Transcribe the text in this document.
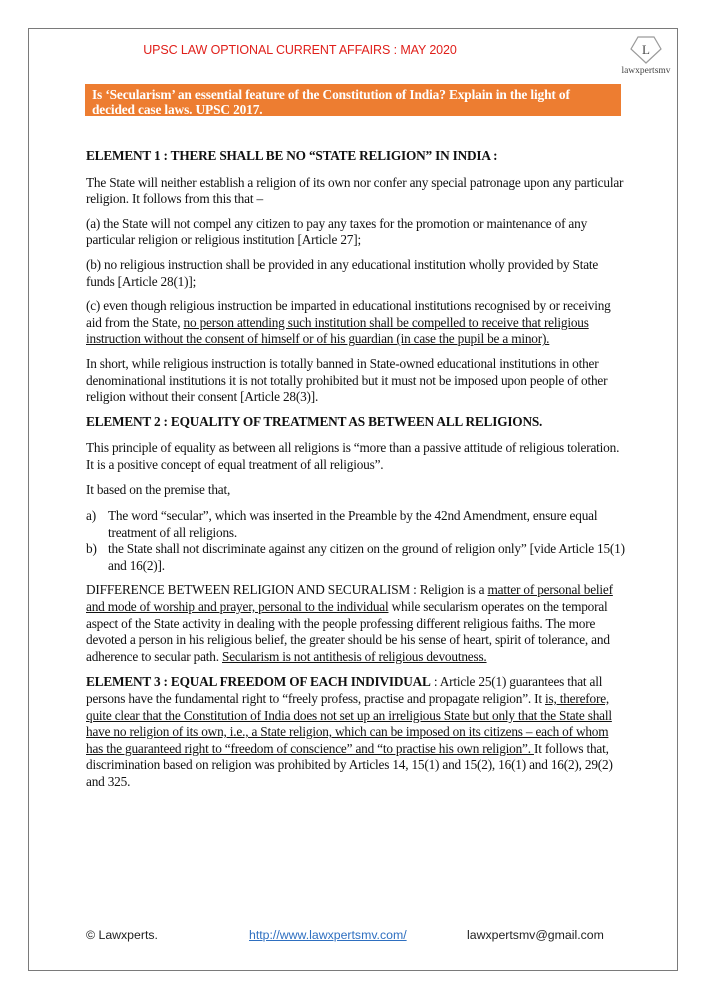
UPSC LAW OPTIONAL CURRENT AFFAIRS : MAY 2020	L
lawxpertsmv
Is ‘Secularism’ an essential feature of the Constitution of India? Explain in the light of decided case laws. UPSC 2017.
ELEMENT 1 : THERE SHALL BE NO “STATE RELIGION” IN INDIA :

The State will neither establish a religion of its own nor confer any special patronage upon any particular religion. It follows from this that –

(a) the State will not compel any citizen to pay any taxes for the promotion or maintenance of any particular religion or religious institution [Article 27];

(b) no religious instruction shall be provided in any educational institution wholly provided by State funds [Article 28(1)];

(c) even though religious instruction be imparted in educational institutions recognised by or receiving aid from the State, no person attending such institution shall be compelled to receive that religious instruction without the consent of himself or of his guardian (in case the pupil be a minor).

In short, while religious instruction is totally banned in State-owned educational institutions in other denominational institutions it is not totally prohibited but it must not be imposed upon people of other religion without their consent [Article 28(3)].

ELEMENT 2 : EQUALITY OF TREATMENT AS BETWEEN ALL RELIGIONS.

This principle of equality as between all religions is “more than a passive attitude of religious toleration. It is a positive concept of equal treatment of all religious”.

It based on the premise that,

a) The word “secular”, which was inserted in the Preamble by the 42nd Amendment, ensure equal treatment of all religions.
b) the State shall not discriminate against any citizen on the ground of religion only” [vide Article 15(1) and 16(2)].

DIFFERENCE BETWEEN RELIGION AND SECURALISM : Religion is a matter of personal belief and mode of worship and prayer, personal to the individual while secularism operates on the temporal aspect of the State activity in dealing with the people professing different religious faiths. The more devoted a person in his religious belief, the greater should be his sense of heart, spirit of tolerance, and adherence to secular path. Secularism is not antithesis of religious devoutness.

ELEMENT 3 : EQUAL FREEDOM OF EACH INDIVIDUAL : Article 25(1) guarantees that all persons have the fundamental right to “freely profess, practise and propagate religion”. It is, therefore, quite clear that the Constitution of India does not set up an irreligious State but only that the State shall have no religion of its own, i.e., a State religion, which can be imposed on its citizens – each of whom has the guaranteed right to “freedom of conscience” and “to practise his own religion”. It follows that, discrimination based on religion was prohibited by Articles 14, 15(1) and 15(2), 16(1) and 16(2), 29(2) and 325.

© Lawxperts.	http://www.lawxpertsmv.com/	lawxpertsmv@gmail.com
